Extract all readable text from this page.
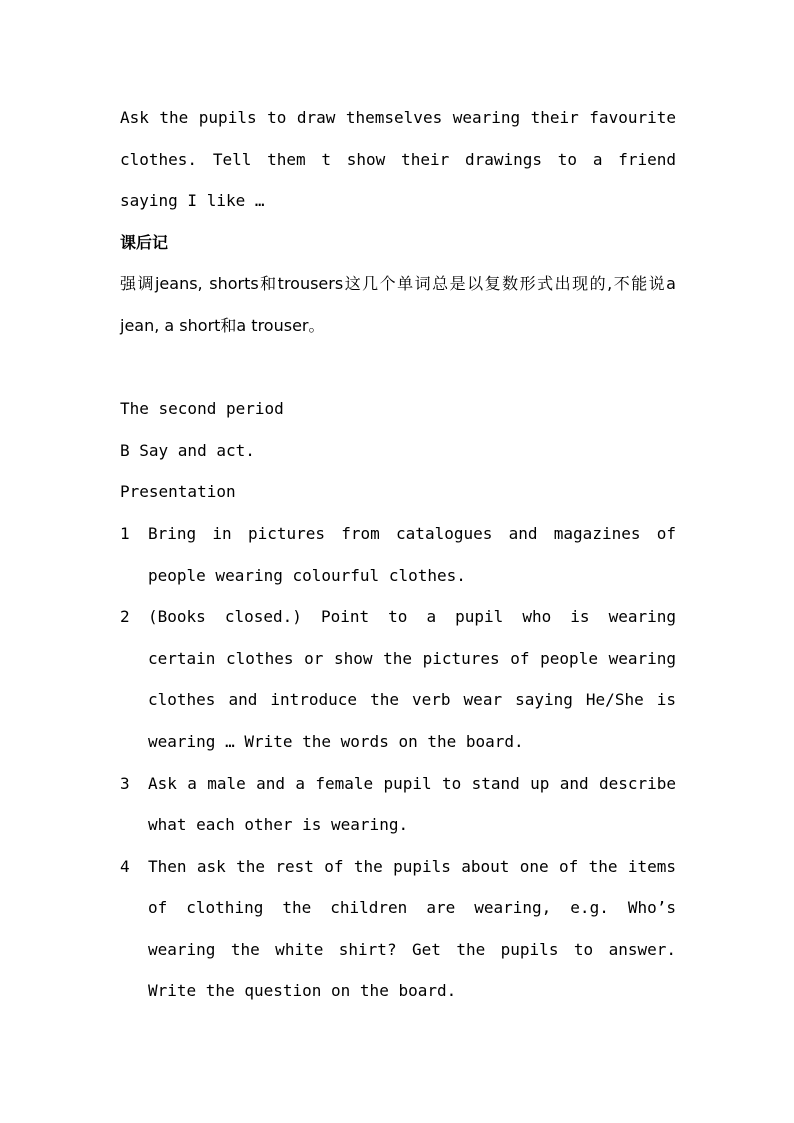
Ask the pupils to draw themselves wearing their favourite clothes. Tell them t show their drawings to a friend saying I like …

课后记

强调jeans, shorts和trousers这几个单词总是以复数形式出现的,不能说a jean, a short和a trouser。

The second period

B Say and act.

Presentation

1 Bring in pictures from catalogues and magazines of people wearing colourful clothes.
2 (Books closed.) Point to a pupil who is wearing certain clothes or show the pictures of people wearing clothes and introduce the verb wear saying He/She is wearing … Write the words on the board.
3 Ask a male and a female pupil to stand up and describe what each other is wearing.
4 Then ask the rest of the pupils about one of the items of clothing the children are wearing, e.g. Who’s wearing the white shirt? Get the pupils to answer. Write the question on the board.
